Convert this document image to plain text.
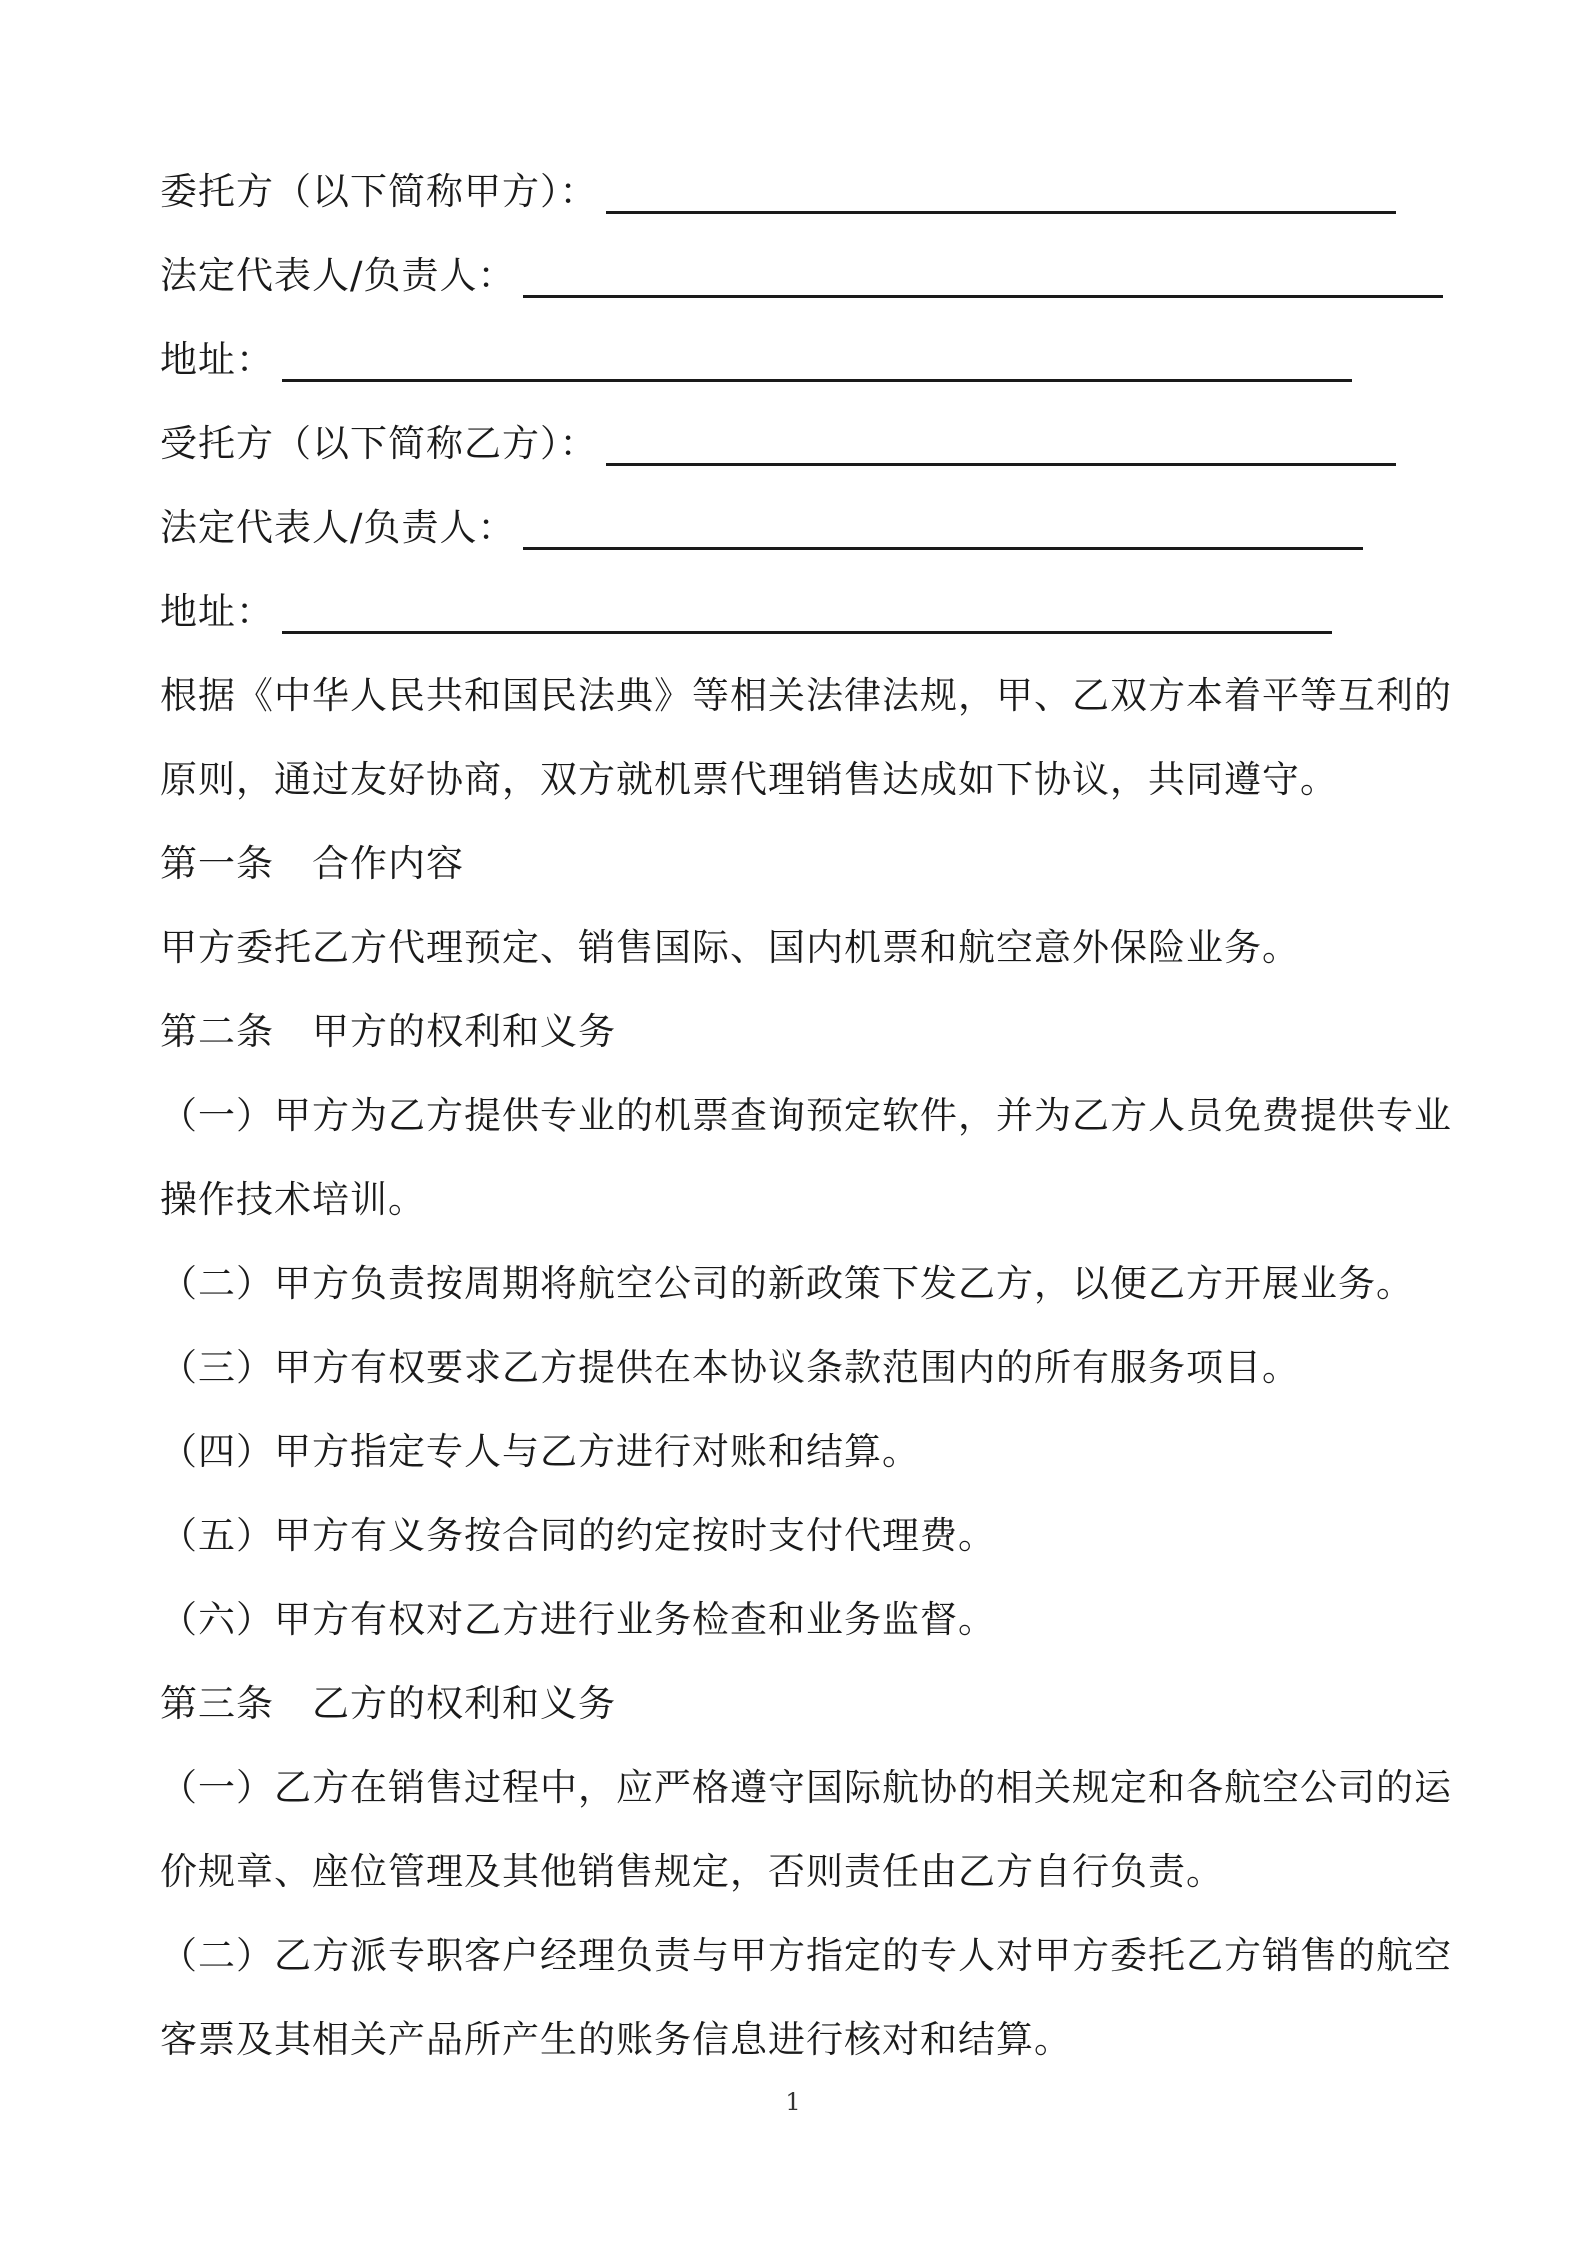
委托方（以下简称甲方）：
法定代表人/负责人：
地址：
受托方（以下简称乙方）：
法定代表人/负责人：
地址：
根据《中华人民共和国民法典》等相关法律法规，甲、乙双方本着平等互利的
原则，通过友好协商，双方就机票代理销售达成如下协议，共同遵守。
第一条 合作内容
甲方委托乙方代理预定、销售国际、国内机票和航空意外保险业务。
第二条 甲方的权利和义务
（一）甲方为乙方提供专业的机票查询预定软件，并为乙方人员免费提供专业
操作技术培训。
（二）甲方负责按周期将航空公司的新政策下发乙方，以便乙方开展业务。
（三）甲方有权要求乙方提供在本协议条款范围内的所有服务项目。
（四）甲方指定专人与乙方进行对账和结算。
（五）甲方有义务按合同的约定按时支付代理费。
（六）甲方有权对乙方进行业务检查和业务监督。
第三条 乙方的权利和义务
（一）乙方在销售过程中，应严格遵守国际航协的相关规定和各航空公司的运
价规章、座位管理及其他销售规定，否则责任由乙方自行负责。
（二）乙方派专职客户经理负责与甲方指定的专人对甲方委托乙方销售的航空
客票及其相关产品所产生的账务信息进行核对和结算。
1
